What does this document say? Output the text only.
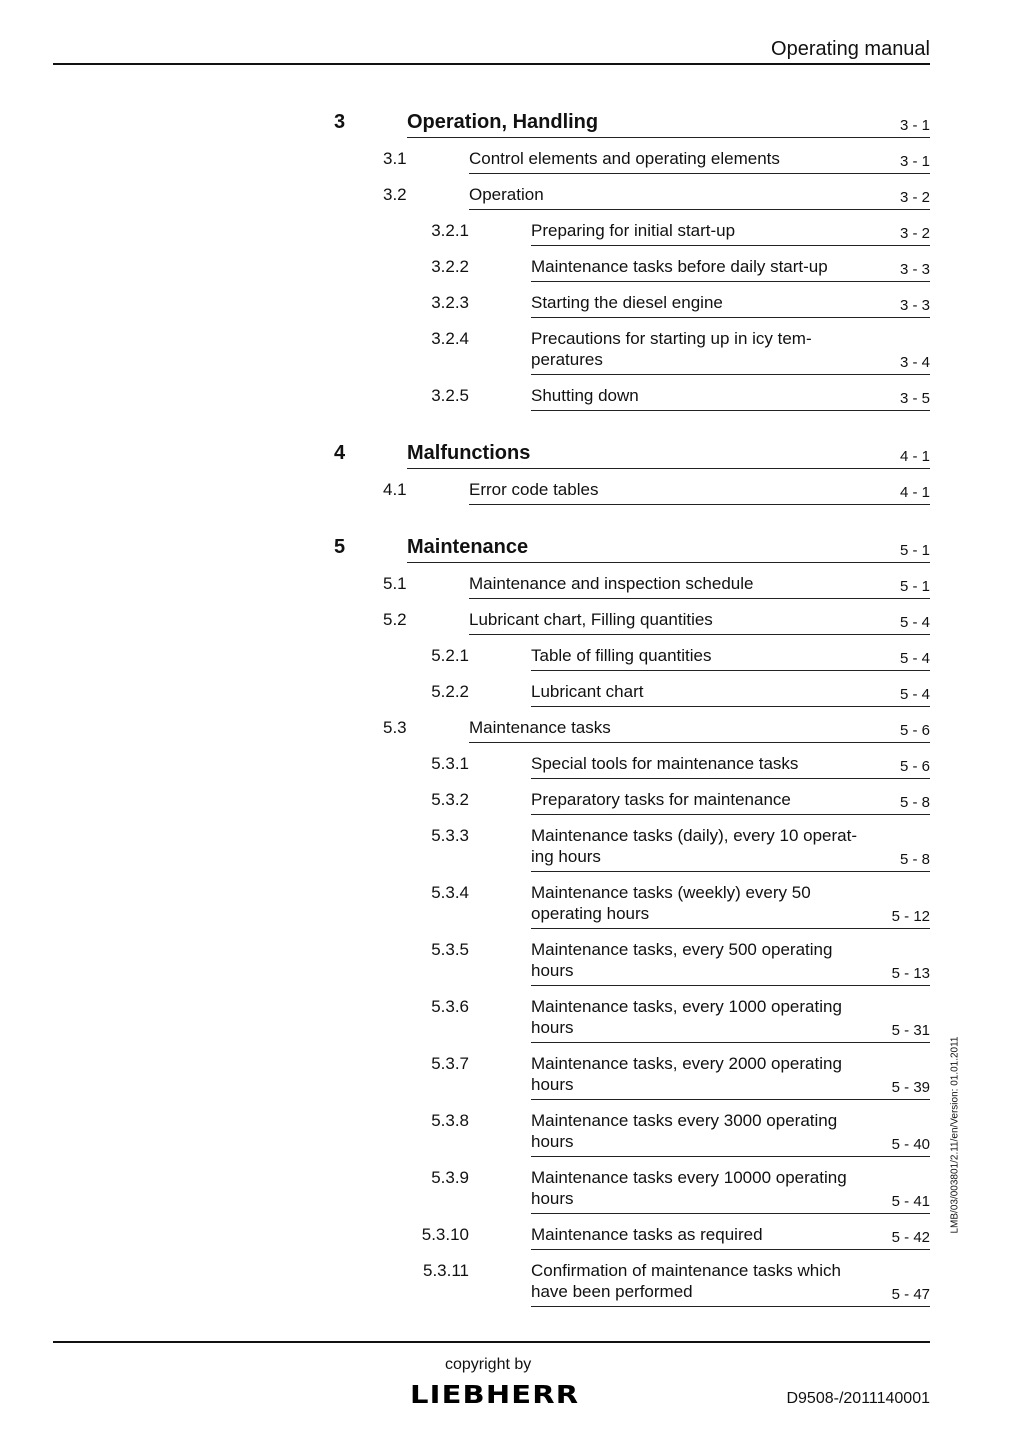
Operating manual
3	Operation, Handling	3 - 1
3.1	Control elements and operating elements	3 - 1
3.2	Operation	3 - 2
3.2.1	Preparing for initial start-up	3 - 2
3.2.2	Maintenance tasks before daily start-up	3 - 3
3.2.3	Starting the diesel engine	3 - 3
3.2.4	Precautions for starting up in icy tem-
peratures	3 - 4
3.2.5	Shutting down	3 - 5
4	Malfunctions	4 - 1
4.1	Error code tables	4 - 1
5	Maintenance	5 - 1
5.1	Maintenance and inspection schedule	5 - 1
5.2	Lubricant chart, Filling quantities	5 - 4
5.2.1	Table of filling quantities	5 - 4
5.2.2	Lubricant chart	5 - 4
5.3	Maintenance tasks	5 - 6
5.3.1	Special tools for maintenance tasks	5 - 6
5.3.2	Preparatory tasks for maintenance	5 - 8
5.3.3	Maintenance tasks (daily), every 10 operat-
ing hours	5 - 8
5.3.4	Maintenance tasks (weekly) every 50
operating hours	5 - 12
5.3.5	Maintenance tasks, every 500 operating
hours	5 - 13
5.3.6	Maintenance tasks, every 1000 operating
hours	5 - 31
5.3.7	Maintenance tasks, every 2000 operating
hours	5 - 39
5.3.8	Maintenance tasks every 3000 operating
hours	5 - 40
5.3.9	Maintenance tasks every 10000 operating
hours	5 - 41
5.3.10	Maintenance tasks as required	5 - 42
5.3.11	Confirmation of maintenance tasks which
have been performed	5 - 47
LMB/03/003801/2.11/en/Version: 01.01.2011
copyright by
LIEBHERR	D9508-/2011140001
